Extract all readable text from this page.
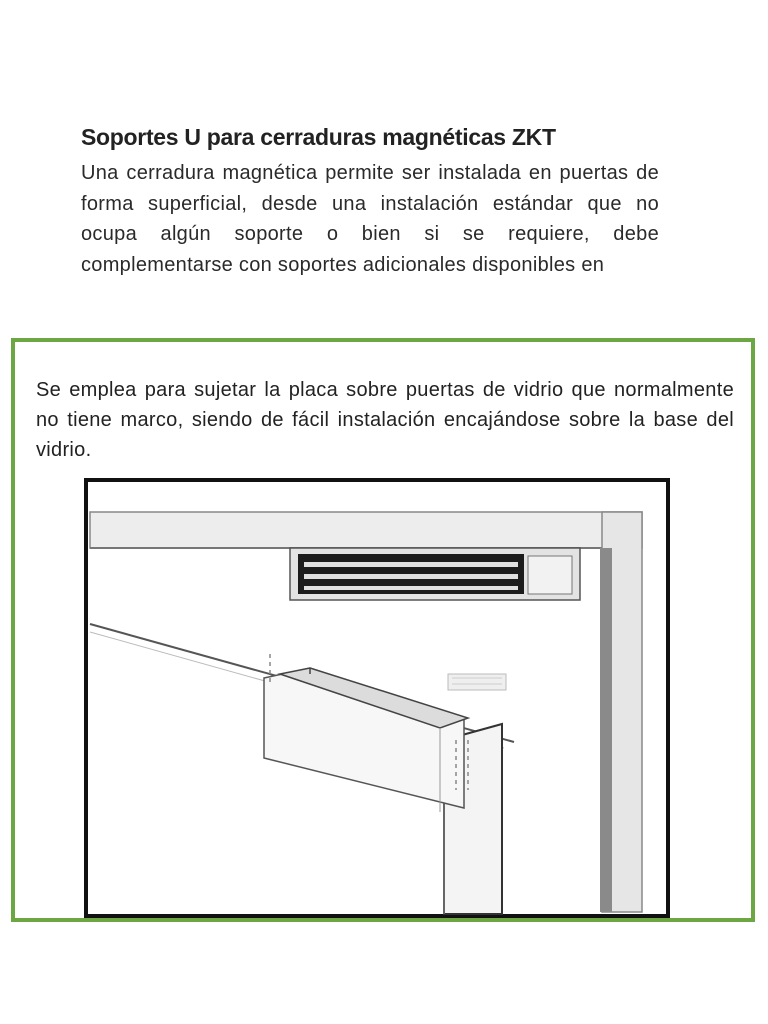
Soportes U para cerraduras magnéticas ZKT
Una cerradura magnética permite ser instalada en puertas de forma superficial, desde una instalación estándar que no ocupa algún soporte o bien si se requiere, debe complementarse con soportes adicionales disponibles en
Se emplea para sujetar la placa sobre puertas de vidrio que normalmente no tiene marco, siendo de fácil instalación encajándose sobre la base del vidrio.
